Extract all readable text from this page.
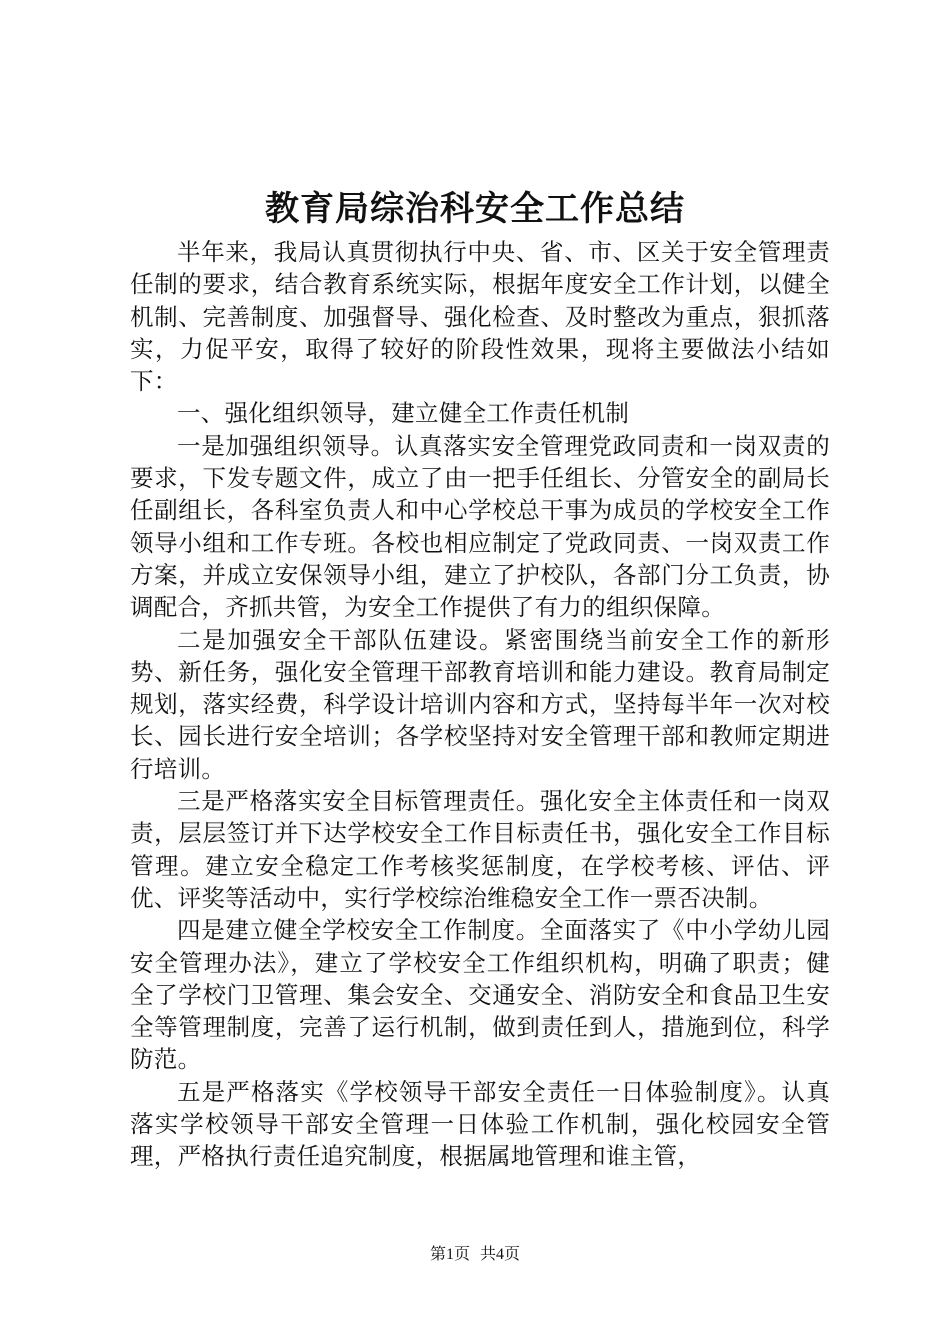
教育局综治科安全工作总结

半年来，我局认真贯彻执行中央、省、市、区关于安全管理责任制的要求，结合教育系统实际，根据年度安全工作计划，以健全机制、完善制度、加强督导、强化检查、及时整改为重点，狠抓落实，力促平安，取得了较好的阶段性效果，现将主要做法小结如下：

一、强化组织领导，建立健全工作责任机制

一是加强组织领导。认真落实安全管理党政同责和一岗双责的要求，下发专题文件，成立了由一把手任组长、分管安全的副局长任副组长，各科室负责人和中心学校总干事为成员的学校安全工作领导小组和工作专班。各校也相应制定了党政同责、一岗双责工作方案，并成立安保领导小组，建立了护校队，各部门分工负责，协调配合，齐抓共管，为安全工作提供了有力的组织保障。

二是加强安全干部队伍建设。紧密围绕当前安全工作的新形势、新任务，强化安全管理干部教育培训和能力建设。教育局制定规划，落实经费，科学设计培训内容和方式，坚持每半年一次对校长、园长进行安全培训；各学校坚持对安全管理干部和教师定期进行培训。

三是严格落实安全目标管理责任。强化安全主体责任和一岗双责，层层签订并下达学校安全工作目标责任书，强化安全工作目标管理。建立安全稳定工作考核奖惩制度，在学校考核、评估、评优、评奖等活动中，实行学校综治维稳安全工作一票否决制。

四是建立健全学校安全工作制度。全面落实了《中小学幼儿园安全管理办法》，建立了学校安全工作组织机构，明确了职责；健全了学校门卫管理、集会安全、交通安全、消防安全和食品卫生安全等管理制度，完善了运行机制，做到责任到人，措施到位，科学防范。

五是严格落实《学校领导干部安全责任一日体验制度》。认真落实学校领导干部安全管理一日体验工作机制，强化校园安全管理，严格执行责任追究制度，根据属地管理和谁主管，

第1页 共4页
